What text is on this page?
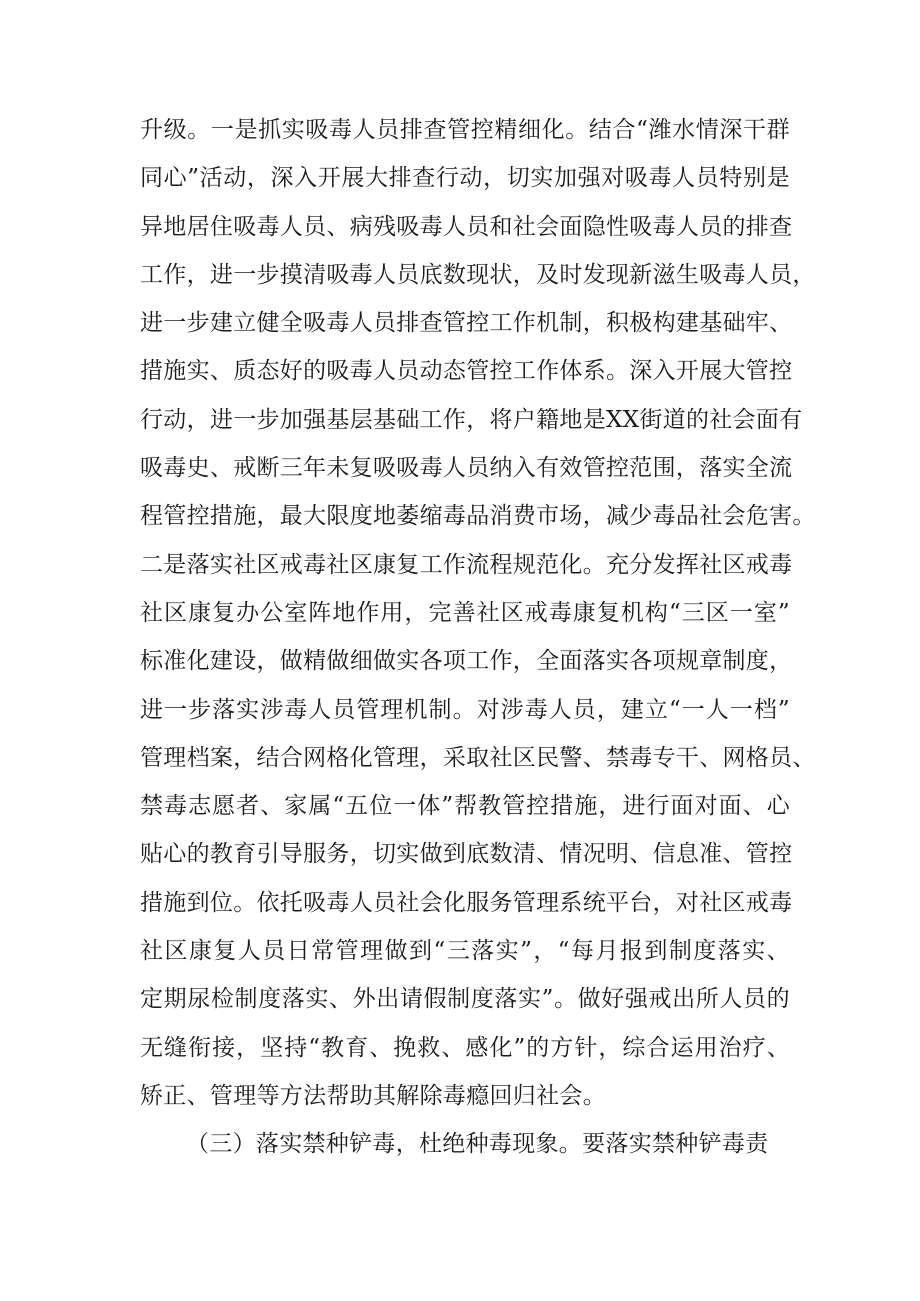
升级。一是抓实吸毒人员排查管控精细化。结合“潍水情深干群
同心”活动，深入开展大排查行动，切实加强对吸毒人员特别是
异地居住吸毒人员、病残吸毒人员和社会面隐性吸毒人员的排查
工作，进一步摸清吸毒人员底数现状，及时发现新滋生吸毒人员，
进一步建立健全吸毒人员排查管控工作机制，积极构建基础牢、
措施实、质态好的吸毒人员动态管控工作体系。深入开展大管控
行动，进一步加强基层基础工作，将户籍地是XX街道的社会面有
吸毒史、戒断三年未复吸吸毒人员纳入有效管控范围，落实全流
程管控措施，最大限度地萎缩毒品消费市场，减少毒品社会危害。
二是落实社区戒毒社区康复工作流程规范化。充分发挥社区戒毒
社区康复办公室阵地作用，完善社区戒毒康复机构“三区一室”
标准化建设，做精做细做实各项工作，全面落实各项规章制度，
进一步落实涉毒人员管理机制。对涉毒人员，建立“一人一档”
管理档案，结合网格化管理，采取社区民警、禁毒专干、网格员、
禁毒志愿者、家属“五位一体”帮教管控措施，进行面对面、心
贴心的教育引导服务，切实做到底数清、情况明、信息准、管控
措施到位。依托吸毒人员社会化服务管理系统平台，对社区戒毒
社区康复人员日常管理做到“三落实”，“每月报到制度落实、
定期尿检制度落实、外出请假制度落实”。做好强戒出所人员的
无缝衔接，坚持“教育、挽救、感化”的方针，综合运用治疗、
矫正、管理等方法帮助其解除毒瘾回归社会。
（三）落实禁种铲毒，杜绝种毒现象。要落实禁种铲毒责
